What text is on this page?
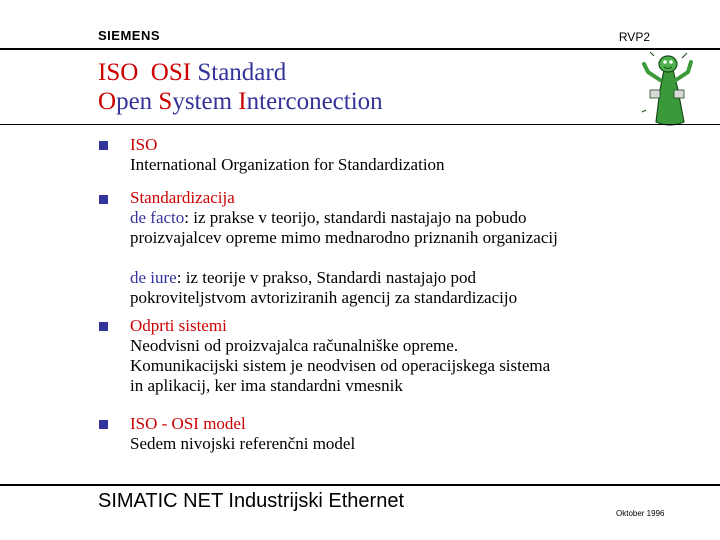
SIEMENS	RVP2
ISO OSI Standard
Open System Interconection
ISO
International Organization for Standardization
Standardizacija
de facto: iz prakse v teorijo, standardi nastajajo na pobudo
proizvajalcev opreme mimo mednarodno priznanih organizacij
de iure: iz teorije v prakso, Standardi nastajajo pod
pokroviteljstvom avtoriziranih agencij za standardizacijo
Odprti sistemi
Neodvisni od proizvajalca računalniške opreme.
Komunikacijski sistem je neodvisen od operacijskega sistema
in aplikacij, ker ima standardni vmesnik
ISO - OSI model
Sedem nivojski referenčni model
SIMATIC NET Industrijski Ethernet
Oktober 1996
